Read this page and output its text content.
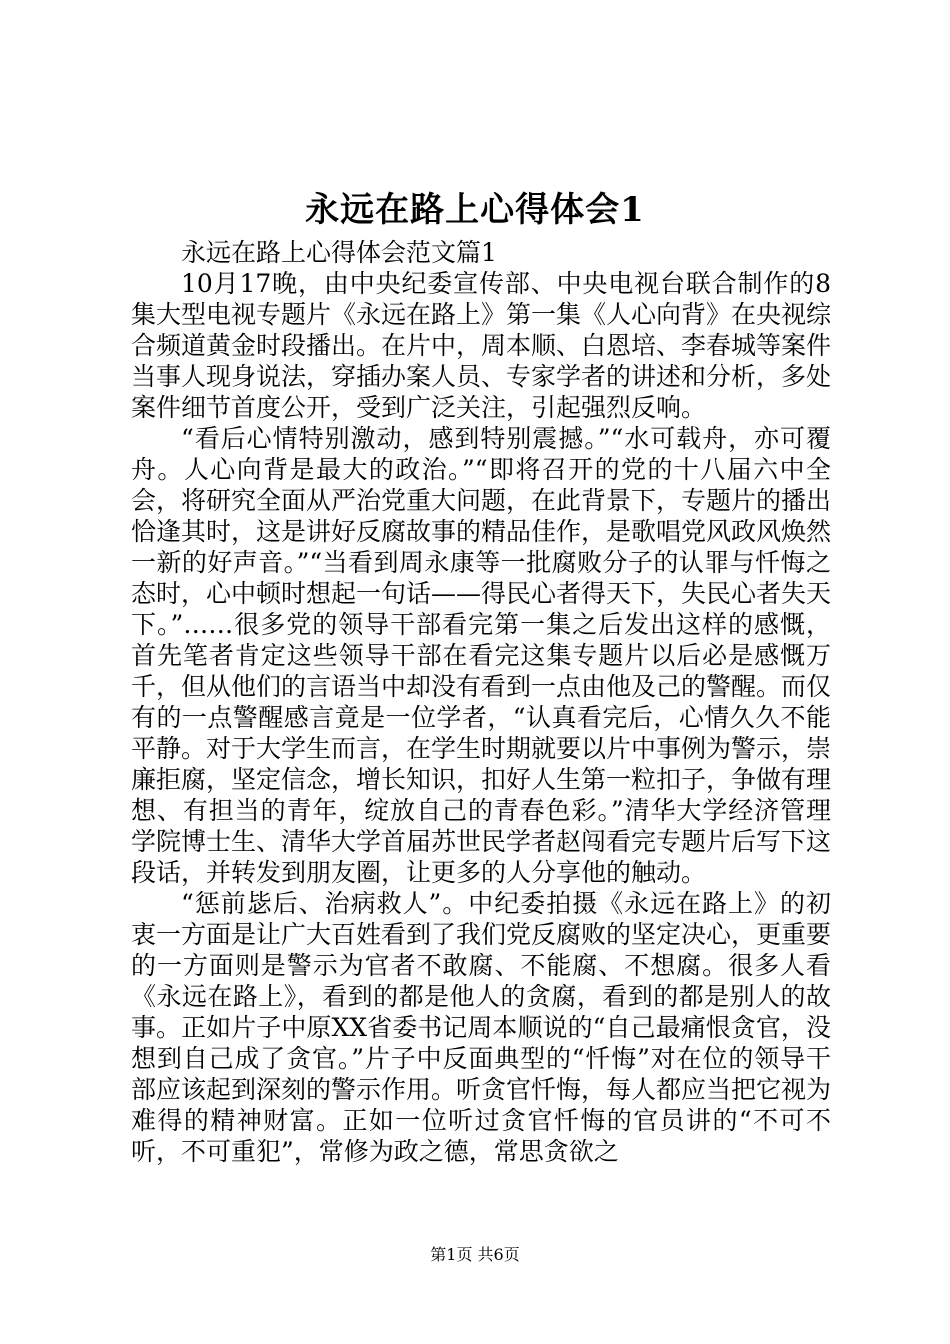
永远在路上心得体会1

永远在路上心得体会范文篇1

10月17晚，由中央纪委宣传部、中央电视台联合制作的8集大型电视专题片《永远在路上》第一集《人心向背》在央视综合频道黄金时段播出。在片中，周本顺、白恩培、李春城等案件当事人现身说法，穿插办案人员、专家学者的讲述和分析，多处案件细节首度公开，受到广泛关注，引起强烈反响。

“看后心情特别激动，感到特别震撼。”“水可载舟，亦可覆舟。人心向背是最大的政治。”“即将召开的党的十八届六中全会，将研究全面从严治党重大问题，在此背景下，专题片的播出恰逢其时，这是讲好反腐故事的精品佳作，是歌唱党风政风焕然一新的好声音。”“当看到周永康等一批腐败分子的认罪与忏悔之态时，心中顿时想起一句话——得民心者得天下，失民心者失天下。”……很多党的领导干部看完第一集之后发出这样的感慨，首先笔者肯定这些领导干部在看完这集专题片以后必是感慨万千，但从他们的言语当中却没有看到一点由他及己的警醒。而仅有的一点警醒感言竟是一位学者，“认真看完后，心情久久不能平静。对于大学生而言，在学生时期就要以片中事例为警示，崇廉拒腐，坚定信念，增长知识，扣好人生第一粒扣子，争做有理想、有担当的青年，绽放自己的青春色彩。”清华大学经济管理学院博士生、清华大学首届苏世民学者赵闯看完专题片后写下这段话，并转发到朋友圈，让更多的人分享他的触动。

“惩前毖后、治病救人”。中纪委拍摄《永远在路上》的初衷一方面是让广大百姓看到了我们党反腐败的坚定决心，更重要的一方面则是警示为官者不敢腐、不能腐、不想腐。很多人看《永远在路上》，看到的都是他人的贪腐，看到的都是别人的故事。正如片子中原XX省委书记周本顺说的“自己最痛恨贪官，没想到自己成了贪官。”片子中反面典型的“忏悔”对在位的领导干部应该起到深刻的警示作用。听贪官忏悔，每人都应当把它视为难得的精神财富。正如一位听过贪官忏悔的官员讲的“不可不听，不可重犯”，常修为政之德，常思贪欲之

第1页 共6页
